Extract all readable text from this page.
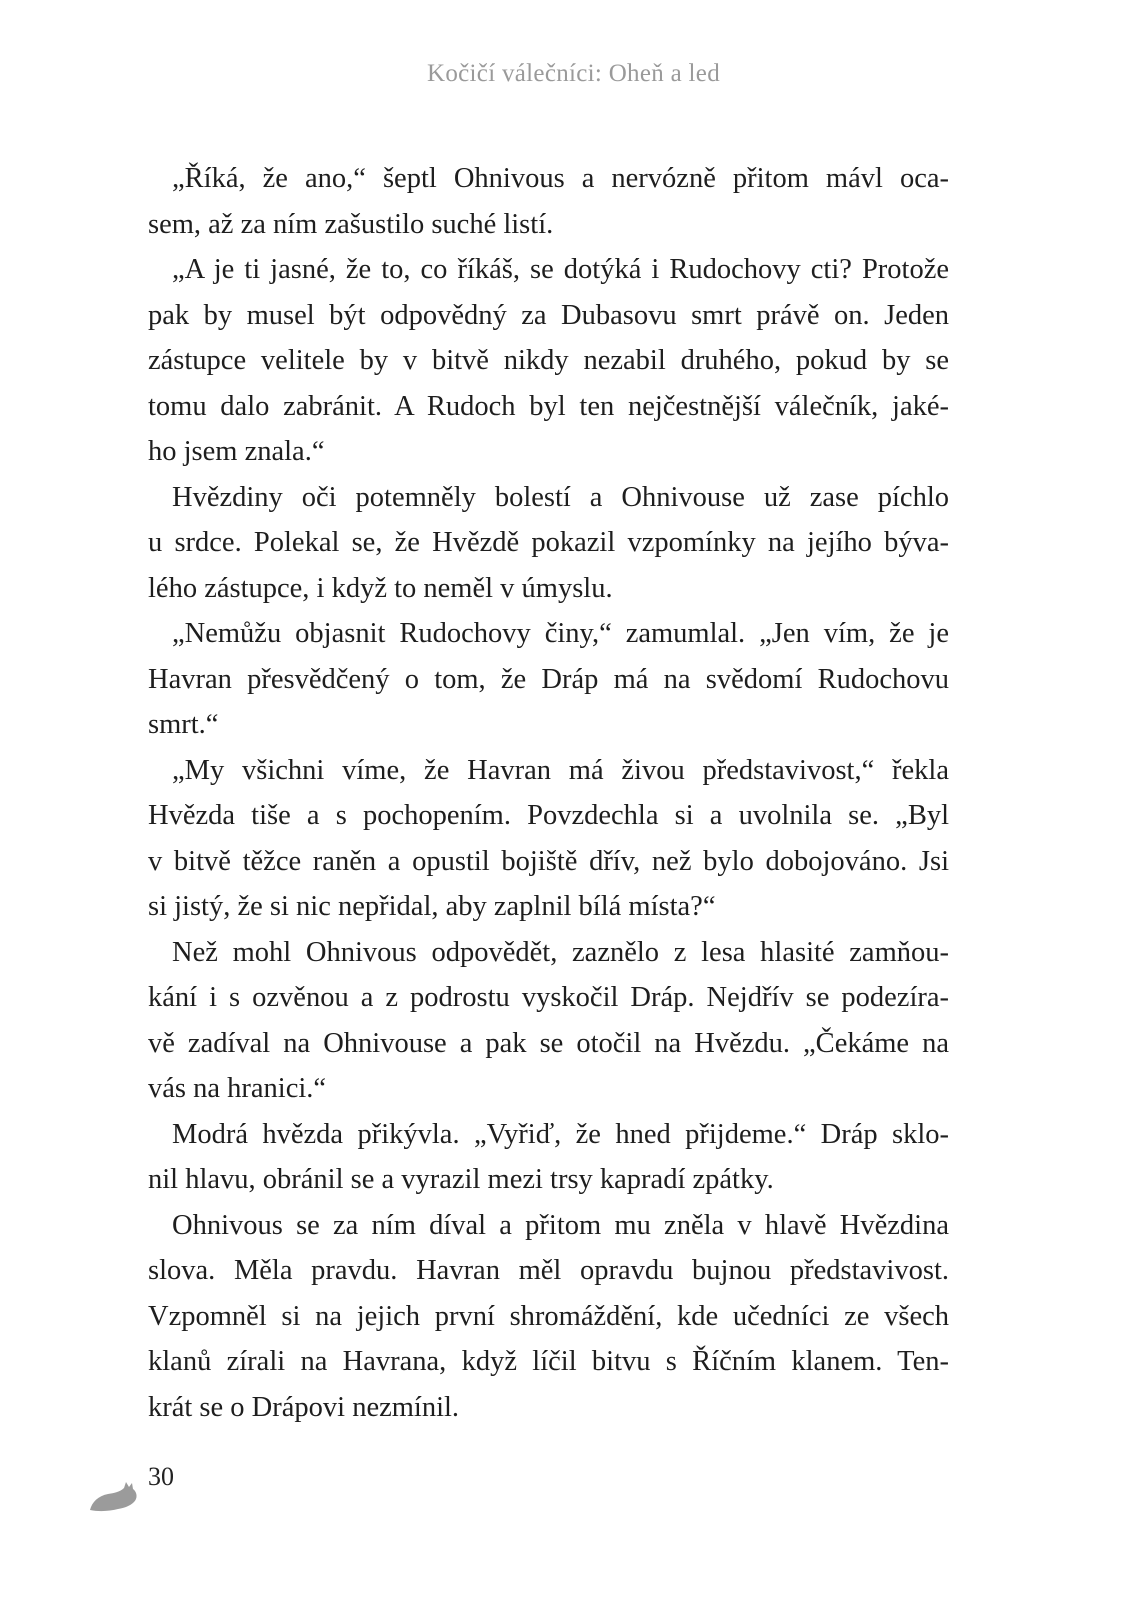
Kočičí válečníci: Oheň a led
„Říká, že ano,“ šeptl Ohnivous a nervózně přitom mávl oca-
sem, až za ním zašustilo suché listí.
„A je ti jasné, že to, co říkáš, se dotýká i Rudochovy cti? Protože
pak by musel být odpovědný za Dubasovu smrt právě on. Jeden
zástupce velitele by v bitvě nikdy nezabil druhého, pokud by se
tomu dalo zabránit. A Rudoch byl ten nejčestnější válečník, jaké-
ho jsem znala.“
Hvězdiny oči potemněly bolestí a Ohnivouse už zase píchlo
u srdce. Polekal se, že Hvězdě pokazil vzpomínky na jejího býva-
lého zástupce, i když to neměl v úmyslu.
„Nemůžu objasnit Rudochovy činy,“ zamumlal. „Jen vím, že je
Havran přesvědčený o tom, že Dráp má na svědomí Rudochovu
smrt.“
„My všichni víme, že Havran má živou představivost,“ řekla
Hvězda tiše a s pochopením. Povzdechla si a uvolnila se. „Byl
v bitvě těžce raněn a opustil bojiště dřív, než bylo dobojováno. Jsi
si jistý, že si nic nepřidal, aby zaplnil bílá místa?“
Než mohl Ohnivous odpovědět, zaznělo z lesa hlasité zamňou-
kání i s ozvěnou a z podrostu vyskočil Dráp. Nejdřív se podezíra-
vě zadíval na Ohnivouse a pak se otočil na Hvězdu. „Čekáme na
vás na hranici.“
Modrá hvězda přikývla. „Vyřiď, že hned přijdeme.“ Dráp sklo-
nil hlavu, obránil se a vyrazil mezi trsy kapradí zpátky.
Ohnivous se za ním díval a přitom mu zněla v hlavě Hvězdina
slova. Měla pravdu. Havran měl opravdu bujnou představivost.
Vzpomněl si na jejich první shromáždění, kde učedníci ze všech
klanů zírali na Havrana, když líčil bitvu s Říčním klanem. Ten-
krát se o Drápovi nezmínil.
30
